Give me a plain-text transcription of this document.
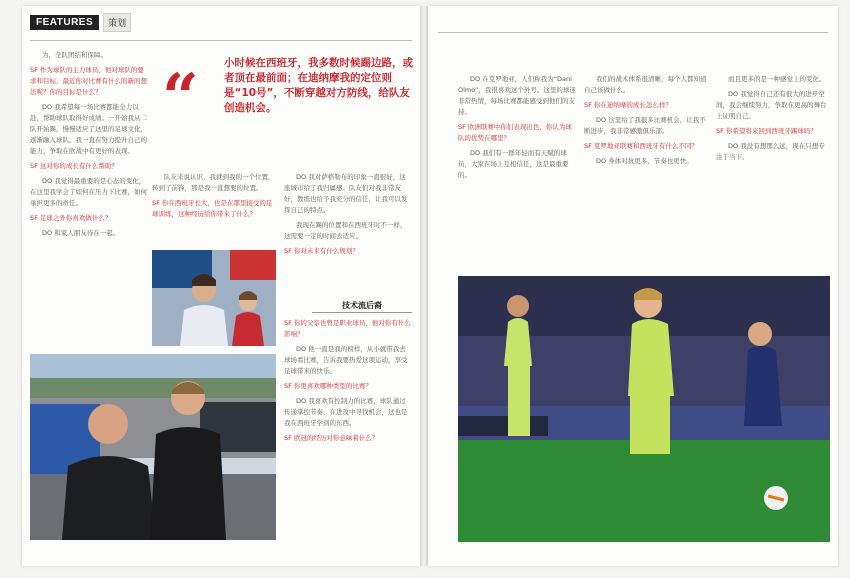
FEATURES	策划

为，全队团结和保障。

SF 作为球队的主力球员，他对球队的要求和目标，最近你对比赛有什么的新的想法呢？你的目标是什么？

DO 我希望每一场比赛都能全力以赴，帮助球队取得好成绩。一开始我从二队开始踢，慢慢适应了这里的足球文化，逐渐融入球队。我一直在努力提升自己的能力，争取在欧战中有更好的表现。

SF 这对你的成长有什么帮助？

DO 我觉得最重要的是心态的变化，在这里我学会了如何在压力下比赛，如何承担更多的责任。

SF 足球之外你喜欢做什么？

DO 和家人朋友待在一起。

“ 小时候在西班牙，我多数时候踢边路，或者顶在最前面；在迪纳摩我的定位则是“10号”，不断穿越对方防线，给队友创造机会。

队友来说认识，我就到我的一个位置，转到了前锋，那是我一直想要的位置。

SF 你在西班牙长大，也是在那里接受的足球训练，这种经历给你带来了什么？

DO 我对萨格勒布的印象一直很好，这座城市给了我归属感。队友们对我非常友好，教练也给予我充分的信任，让我可以发挥自己的特点。

我现在踢的位置和在西班牙时不一样，这需要一定的时间去适应。

SF 你对未来有什么规划？

技术流后裔

SF 你的父亲也曾是职业球员，他对你有什么影响？

DO 他一直是我的榜样，从小就带我去球场看比赛，告诉我要热爱这项运动，享受足球带来的快乐。

SF 你更喜欢哪种类型的比赛？

DO 我喜欢有控制力的比赛，球队通过传递掌控节奏，在进攻中寻找机会，这也是我在西班牙学到的东西。

SF 欧冠的经历对你意味着什么？

DO 在克罗地亚，人们称我为“Dani Olmo”，我很喜欢这个外号。这里的球迷非常热情，每场比赛都能感受到他们的支持。

SF 欧洲联赛中你们表现出色，你认为球队的优势在哪里？

DO 我们有一群年轻而有天赋的球员，大家在场上互相信任，这是最重要的。

我们的战术体系很清晰，每个人都知道自己该做什么。

SF 你在迪纳摩的成长怎么样？

DO 这里给了我很多比赛机会，让我不断进步，我非常感激俱乐部。

SF 克罗地亚联赛和西班牙有什么不同？

DO 身体对抗更多，节奏也更快。

而且更多的是一种感觉上的变化。

DO 我觉得自己还有很大的进步空间，我会继续努力，争取在更高的舞台上证明自己。

SF 你希望将来回到西班牙踢球吗？

DO 我没有想那么远，现在只想专注于当下。
